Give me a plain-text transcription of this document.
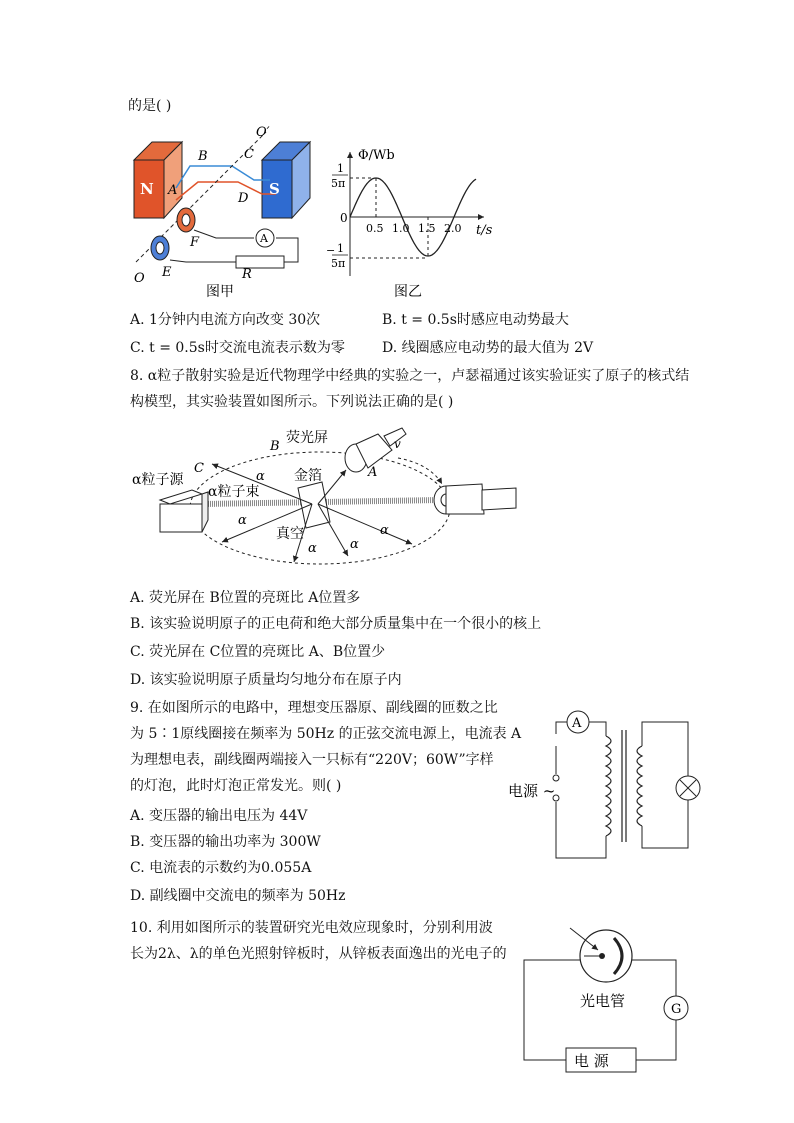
的是( )
A
N	S
O′
C
B
A
D
F
E
O	R
图甲
Φ/Wb
t/s
1
5π
0
− 1
5π
0.5 1.0 1.5 2.0
图乙
A. 1分钟内电流方向改变 30次	B. t = 0.5s时感应电动势最大
C. t = 0.5s时交流电流表示数为零	D. 线圈感应电动势的最大值为 2V
8. α粒子散射实验是近代物理学中经典的实验之一，卢瑟福通过该实验证实了原子的核式结
构模型，其实验装置如图所示。下列说法正确的是( )
荧光屏
B
C	A
v
金箔
α粒子源
α粒子束
真空
α
α
α	α
α
A. 荧光屏在 B位置的亮斑比 A位置多
B. 该实验说明原子的正电荷和绝大部分质量集中在一个很小的核上
C. 荧光屏在 C位置的亮斑比 A、B位置少
D. 该实验说明原子质量均匀地分布在原子内
9. 在如图所示的电路中，理想变压器原、副线圈的匝数之比
为 5∶1原线圈接在频率为 50Hz 的正弦交流电源上，电流表 A
为理想电表，副线圈两端接入一只标有“220V；60W”字样
的灯泡，此时灯泡正常发光。则( )
A. 变压器的输出电压为 44V
B. 变压器的输出功率为 300W
C. 电流表的示数约为0.055A
D. 副线圈中交流电的频率为 50Hz
A
电源 ~
10. 利用如图所示的装置研究光电效应现象时，分别利用波
长为2λ、λ的单色光照射锌板时，从锌板表面逸出的光电子的
G
电 源
光电管
